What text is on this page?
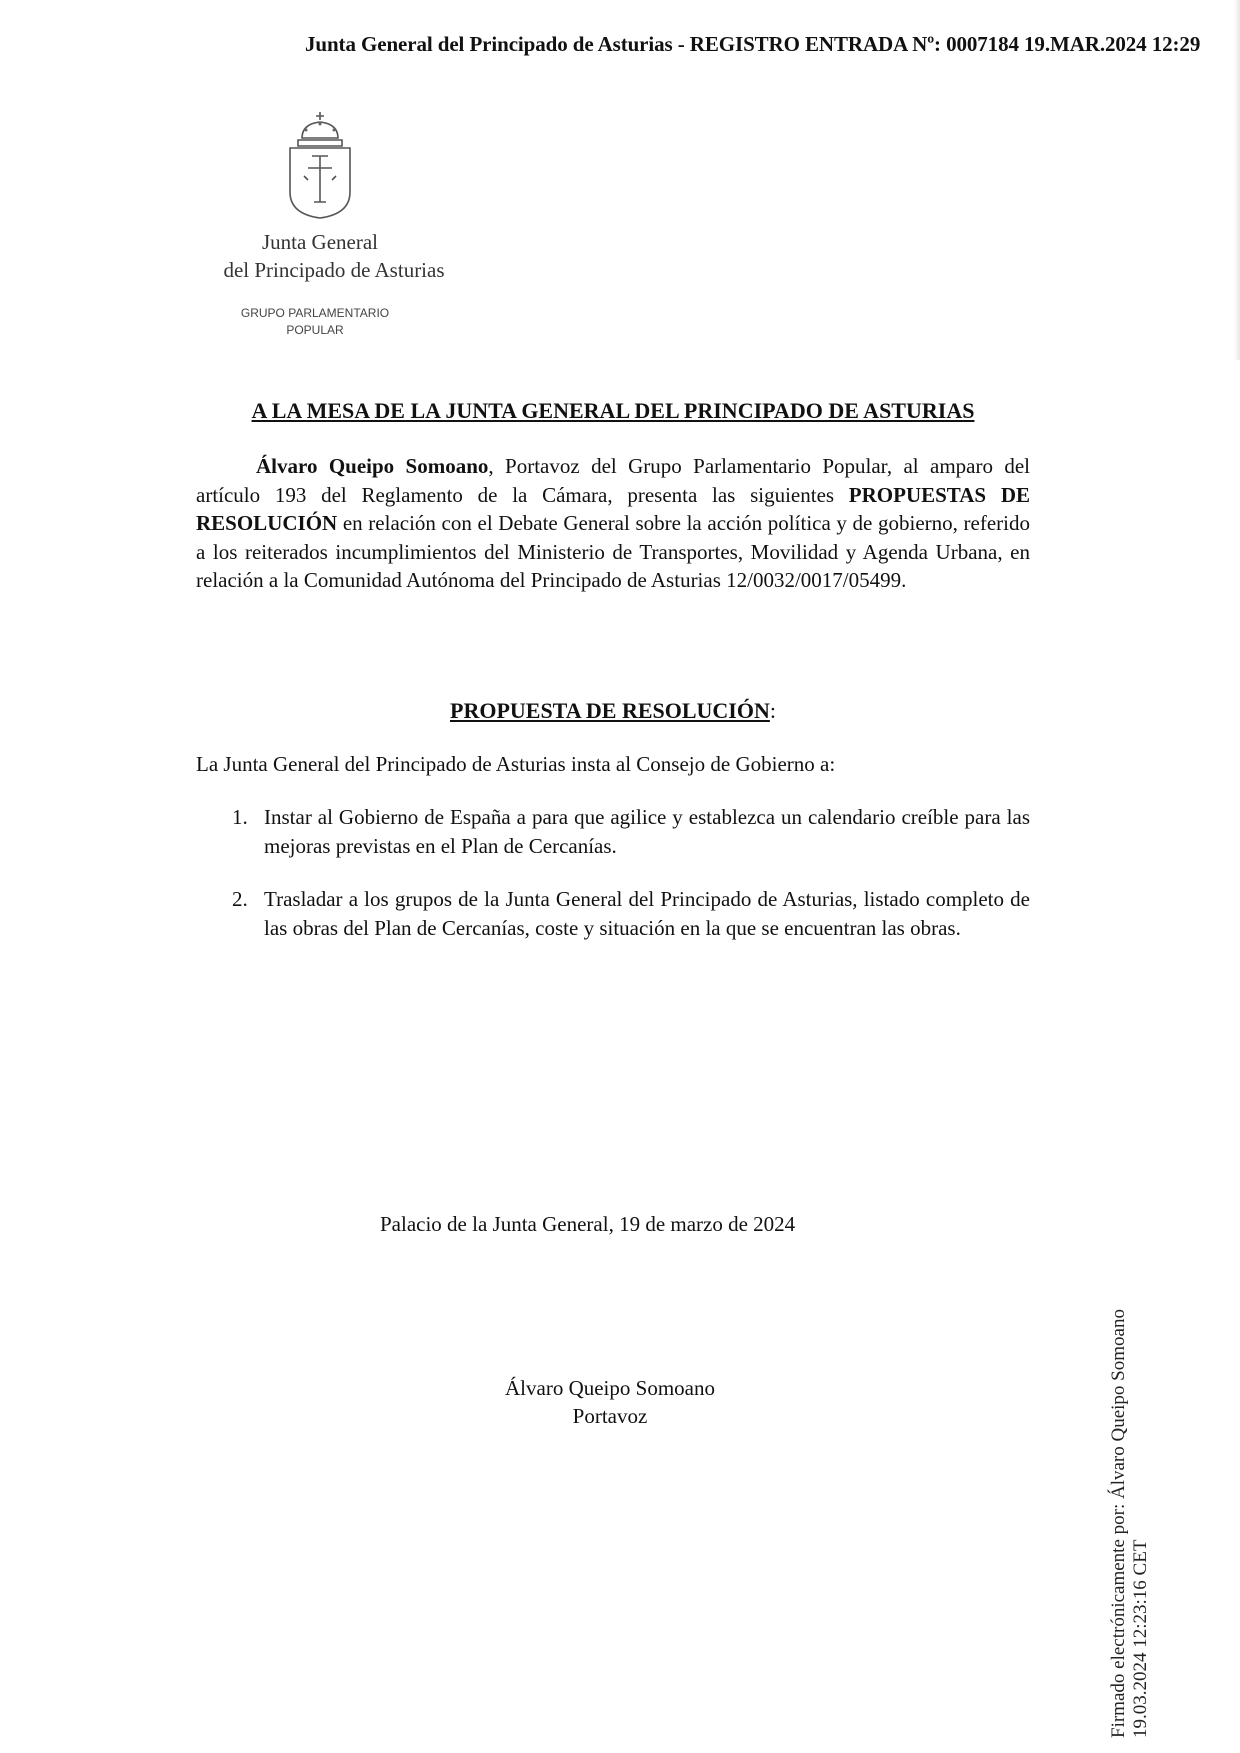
Junta General del Principado de Asturias - REGISTRO ENTRADA Nº: 0007184 19.MAR.2024 12:29
Junta General

del Principado de Asturias
GRUPO PARLAMENTARIO
POPULAR
A LA MESA DE LA JUNTA GENERAL DEL PRINCIPADO DE ASTURIAS

Álvaro Queipo Somoano, Portavoz del Grupo Parlamentario Popular, al amparo del artículo 193 del Reglamento de la Cámara, presenta las siguientes PROPUESTAS DE RESOLUCIÓN en relación con el Debate General sobre la acción política y de gobierno, referido a los reiterados incumplimientos del Ministerio de Transportes, Movilidad y Agenda Urbana, en relación a la Comunidad Autónoma del Principado de Asturias 12/0032/0017/05499.

PROPUESTA DE RESOLUCIÓN:
La Junta General del Principado de Asturias insta al Consejo de Gobierno a:
1. Instar al Gobierno de España a para que agilice y establezca un calendario creíble para las mejoras previstas en el Plan de Cercanías.
2. Trasladar a los grupos de la Junta General del Principado de Asturias, listado completo de las obras del Plan de Cercanías, coste y situación en la que se encuentran las obras.
Palacio de la Junta General, 19 de marzo de 2024
Álvaro Queipo Somoano
Portavoz	Firmado electrónicamente por: Álvaro Queipo Somoano
19.03.2024 12:23:16 CET
